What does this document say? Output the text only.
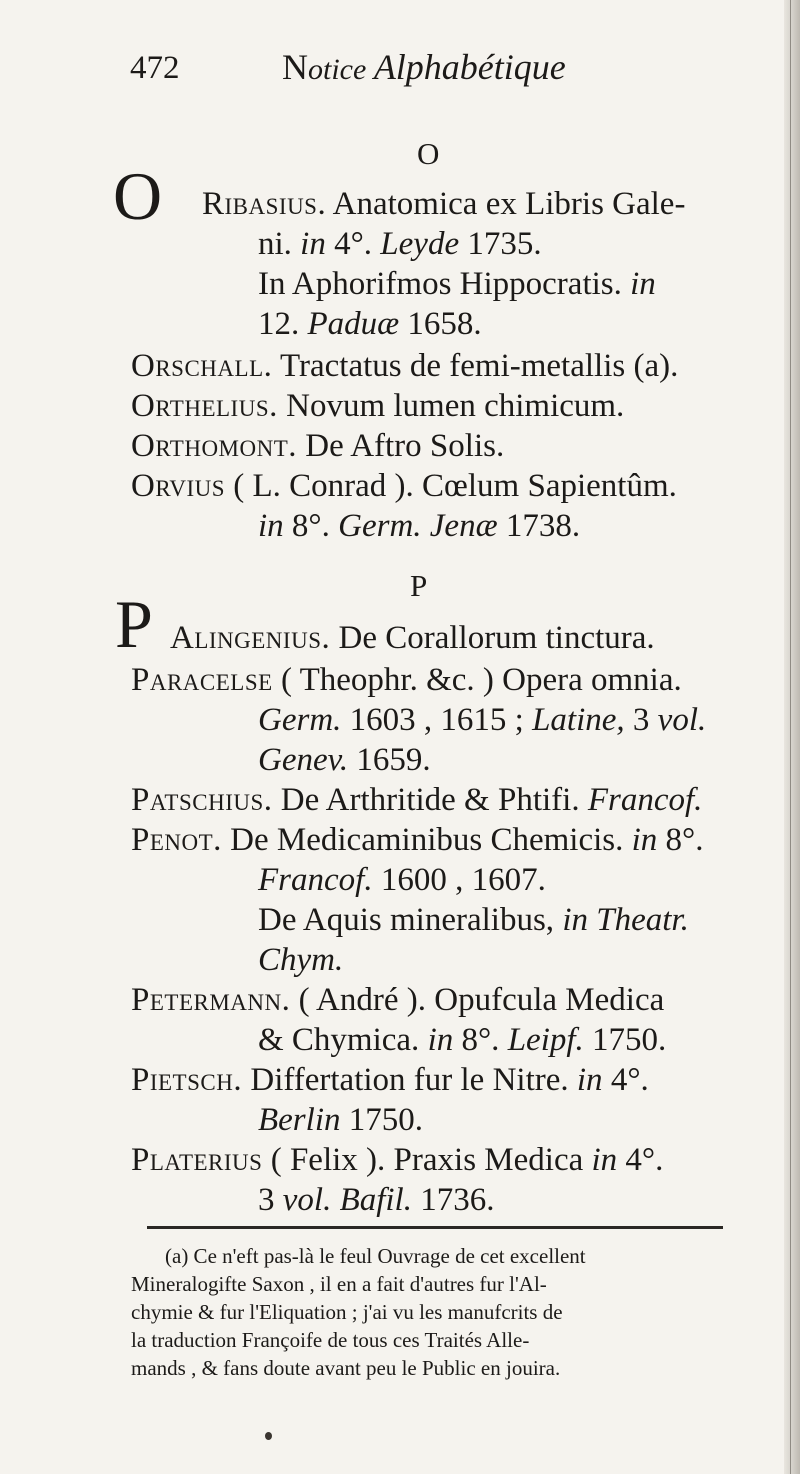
472	Notice Alphabétique
O
O Ribasius. Anatomica ex Libris Gale-
ni. in 4°. Leyde 1735.
In Aphorifmos Hippocratis. in
12. Paduæ 1658.
Orschall. Tractatus de femi-metallis (a).
Orthelius. Novum lumen chimicum.
Orthomont. De Aftro Solis.
Orvius ( L. Conrad ). Cœlum Sapientûm.
in 8°. Germ. Jenæ 1738.
P
P Alingenius. De Corallorum tinctura.
Paracelse ( Theophr. &c. ) Opera omnia.
Germ. 1603 , 1615 ; Latine, 3 vol.
Genev. 1659.
Patschius. De Arthritide & Phtifi. Francof.
Penot. De Medicaminibus Chemicis. in 8°.
Francof. 1600 , 1607.
De Aquis mineralibus, in Theatr.
Chym.
Petermann. ( André ). Opufcula Medica
& Chymica. in 8°. Leipf. 1750.
Pietsch. Differtation fur le Nitre. in 4°.
(a) Ce n'eft pas-là le feul Ouvrage de cet excellent
Mineralogifte Saxon , il en a fait d'autres fur l'Al-
chymie & fur l'Eliquation ; j'ai vu les manufcrits de
la traduction Françoife de tous ces Traités Alle-
mands , & fans doute avant peu le Public en jouira.
Berlin 1750.
Platerius ( Felix ). Praxis Medica in 4°.
3 vol. Bafil. 1736.
